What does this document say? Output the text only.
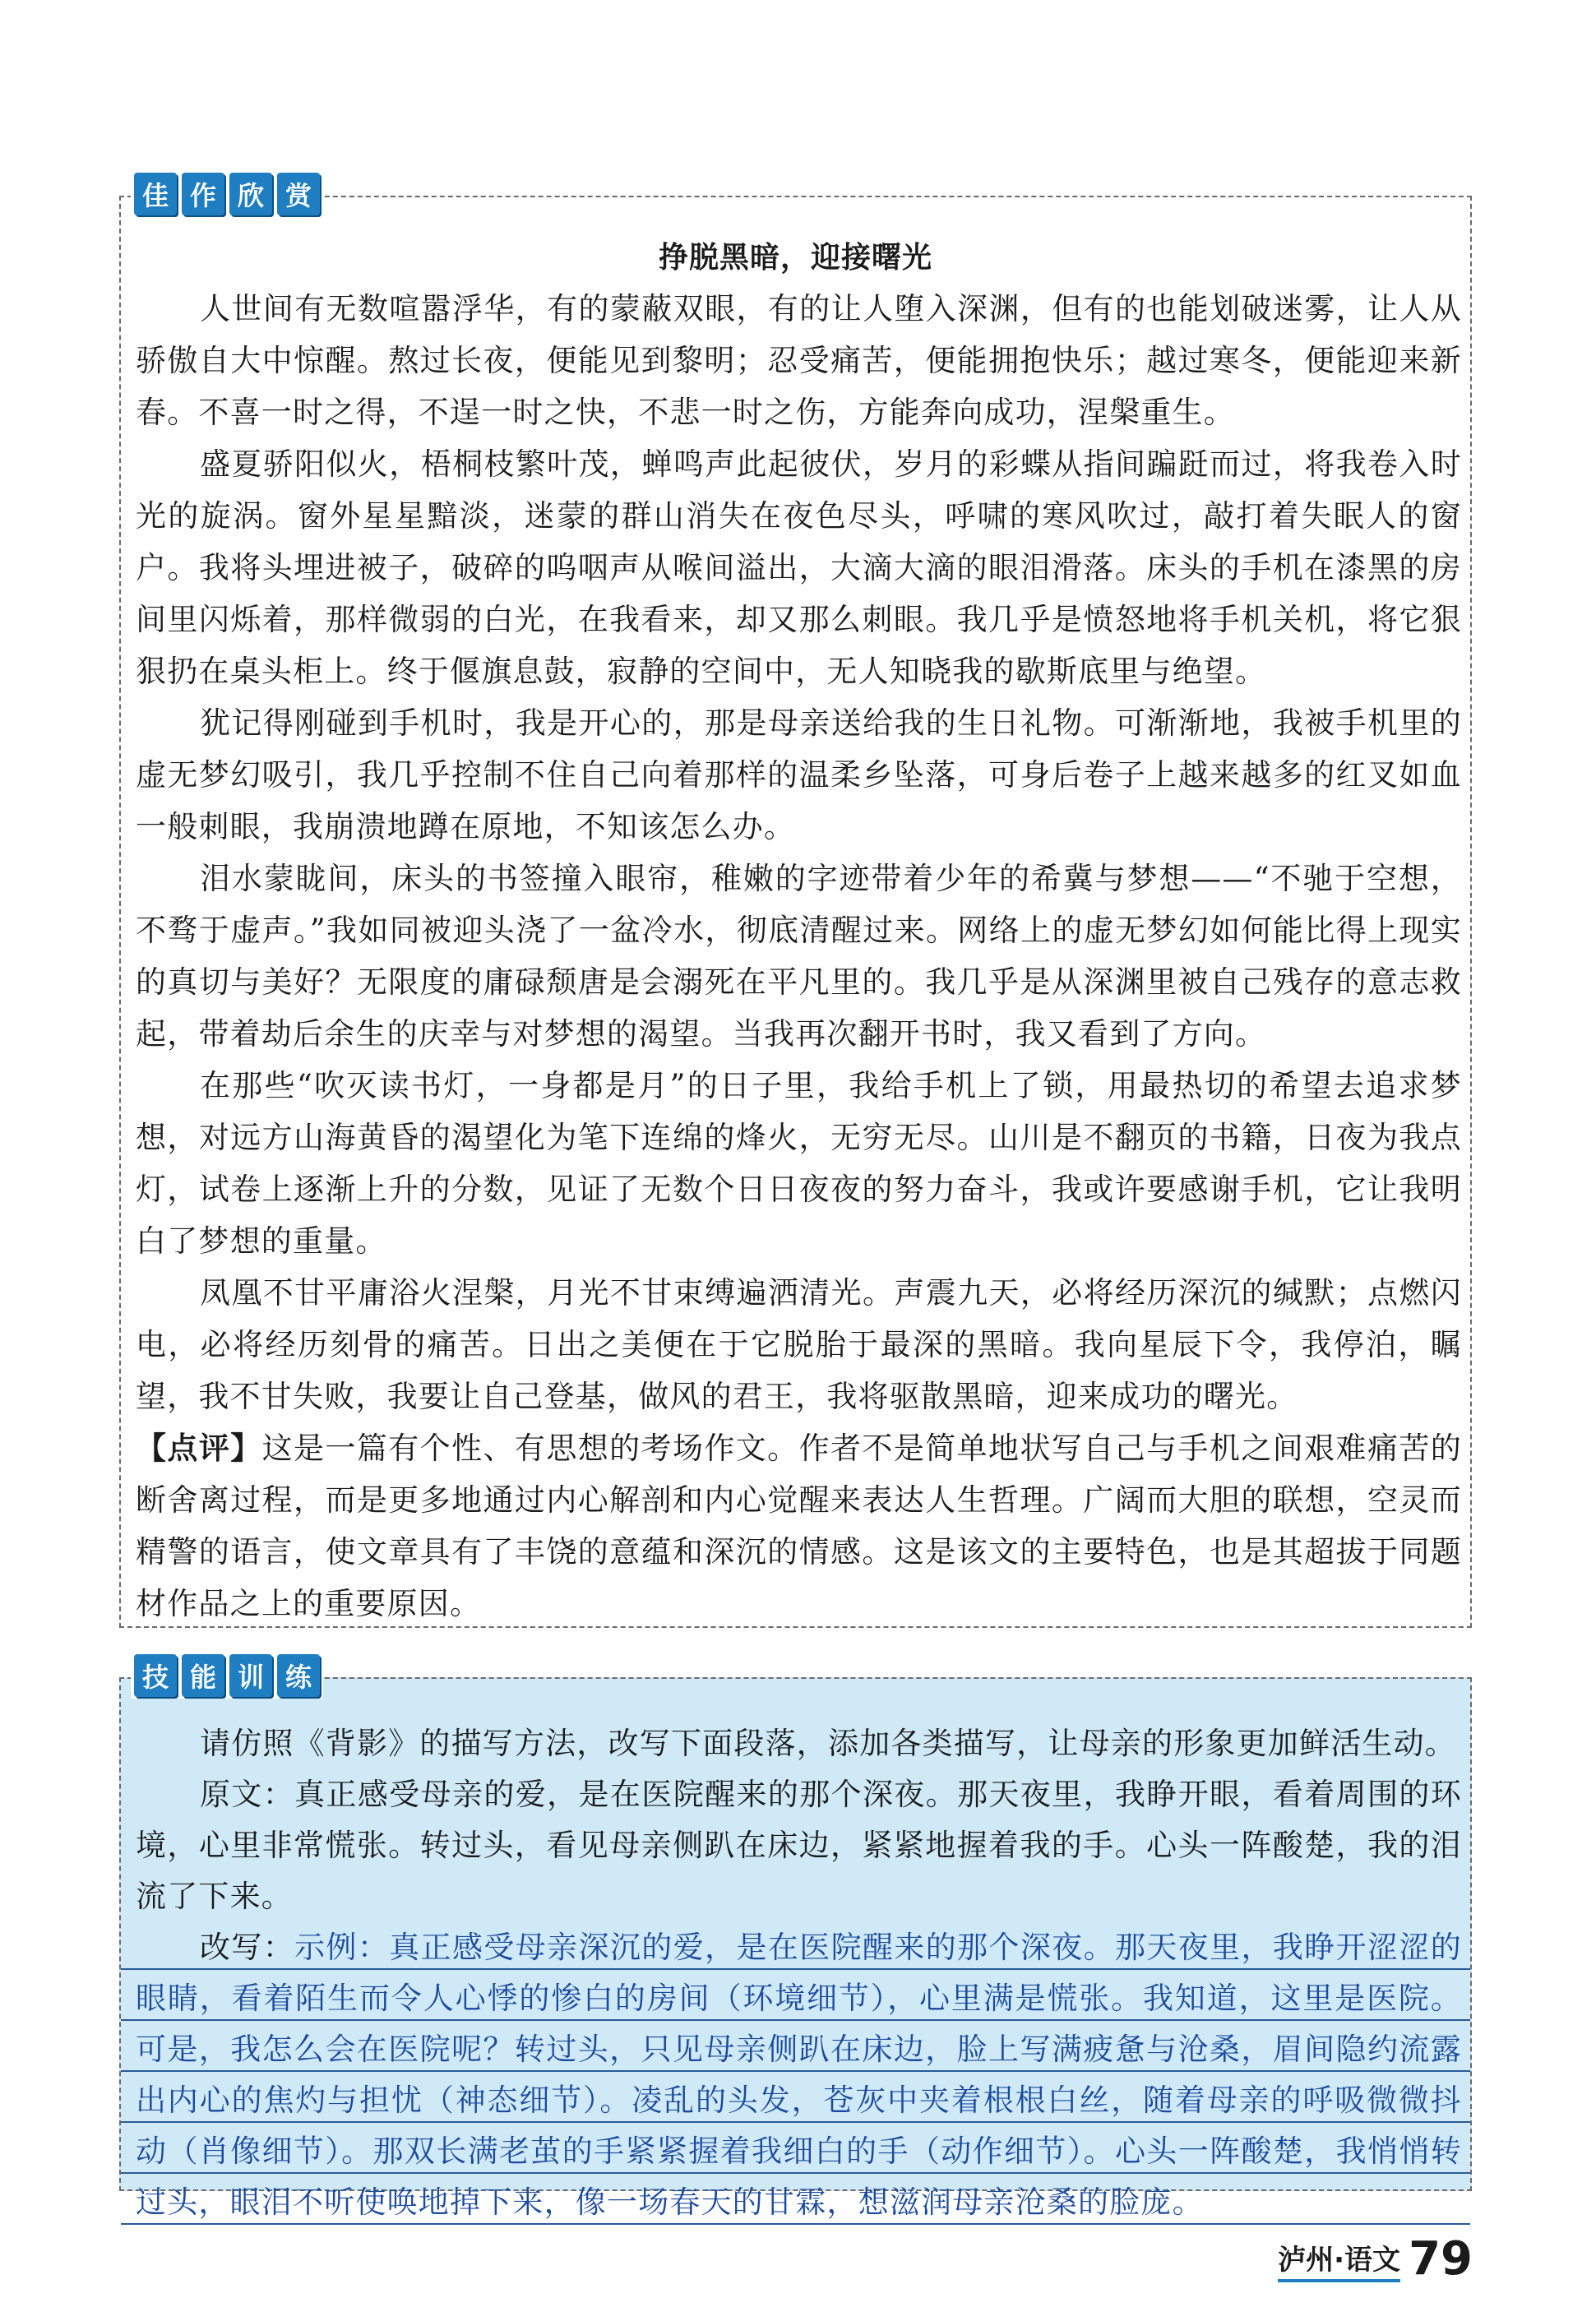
佳 作 欣 赏
挣脱黑暗，迎接曙光

人世间有无数喧嚣浮华，有的蒙蔽双眼，有的让人堕入深渊，但有的也能划破迷雾，让人从骄傲自大中惊醒。熬过长夜，便能见到黎明；忍受痛苦，便能拥抱快乐；越过寒冬，便能迎来新春。不喜一时之得，不逞一时之快，不悲一时之伤，方能奔向成功，涅槃重生。

盛夏骄阳似火，梧桐枝繁叶茂，蝉鸣声此起彼伏，岁月的彩蝶从指间蹁跹而过，将我卷入时光的旋涡。窗外星星黯淡，迷蒙的群山消失在夜色尽头，呼啸的寒风吹过，敲打着失眠人的窗户。我将头埋进被子，破碎的呜咽声从喉间溢出，大滴大滴的眼泪滑落。床头的手机在漆黑的房间里闪烁着，那样微弱的白光，在我看来，却又那么刺眼。我几乎是愤怒地将手机关机，将它狠狠扔在桌头柜上。终于偃旗息鼓，寂静的空间中，无人知晓我的歇斯底里与绝望。

犹记得刚碰到手机时，我是开心的，那是母亲送给我的生日礼物。可渐渐地，我被手机里的虚无梦幻吸引，我几乎控制不住自己向着那样的温柔乡坠落，可身后卷子上越来越多的红叉如血一般刺眼，我崩溃地蹲在原地，不知该怎么办。

泪水蒙眬间，床头的书签撞入眼帘，稚嫩的字迹带着少年的希冀与梦想——“不驰于空想，不骛于虚声。”我如同被迎头浇了一盆冷水，彻底清醒过来。网络上的虚无梦幻如何能比得上现实的真切与美好？无限度的庸碌颓唐是会溺死在平凡里的。我几乎是从深渊里被自己残存的意志救起，带着劫后余生的庆幸与对梦想的渴望。当我再次翻开书时，我又看到了方向。

在那些“吹灭读书灯，一身都是月”的日子里，我给手机上了锁，用最热切的希望去追求梦想，对远方山海黄昏的渴望化为笔下连绵的烽火，无穷无尽。山川是不翻页的书籍，日夜为我点灯，试卷上逐渐上升的分数，见证了无数个日日夜夜的努力奋斗，我或许要感谢手机，它让我明白了梦想的重量。

凤凰不甘平庸浴火涅槃，月光不甘束缚遍洒清光。声震九天，必将经历深沉的缄默；点燃闪电，必将经历刻骨的痛苦。日出之美便在于它脱胎于最深的黑暗。我向星辰下令，我停泊，瞩望，我不甘失败，我要让自己登基，做风的君王，我将驱散黑暗，迎来成功的曙光。

【点评】这是一篇有个性、有思想的考场作文。作者不是简单地状写自己与手机之间艰难痛苦的断舍离过程，而是更多地通过内心解剖和内心觉醒来表达人生哲理。广阔而大胆的联想，空灵而精警的语言，使文章具有了丰饶的意蕴和深沉的情感。这是该文的主要特色，也是其超拔于同题材作品之上的重要原因。

技 能 训 练

请仿照《背影》的描写方法，改写下面段落，添加各类描写，让母亲的形象更加鲜活生动。

原文：真正感受母亲的爱，是在医院醒来的那个深夜。那天夜里，我睁开眼，看着周围的环境，心里非常慌张。转过头，看见母亲侧趴在床边，紧紧地握着我的手。心头一阵酸楚，我的泪流了下来。

改写：示例：真正感受母亲深沉的爱，是在医院醒来的那个深夜。那天夜里，我睁开涩涩的眼睛，看着陌生而令人心悸的惨白的房间（环境细节），心里满是慌张。我知道，这里是医院。可是，我怎么会在医院呢？转过头，只见母亲侧趴在床边，脸上写满疲惫与沧桑，眉间隐约流露出内心的焦灼与担忧（神态细节）。凌乱的头发，苍灰中夹着根根白丝，随着母亲的呼吸微微抖动（肖像细节）。那双长满老茧的手紧紧握着我细白的手（动作细节）。心头一阵酸楚，我悄悄转过头，眼泪不听使唤地掉下来，像一场春天的甘霖，想滋润母亲沧桑的脸庞。

泸州·语文 79
